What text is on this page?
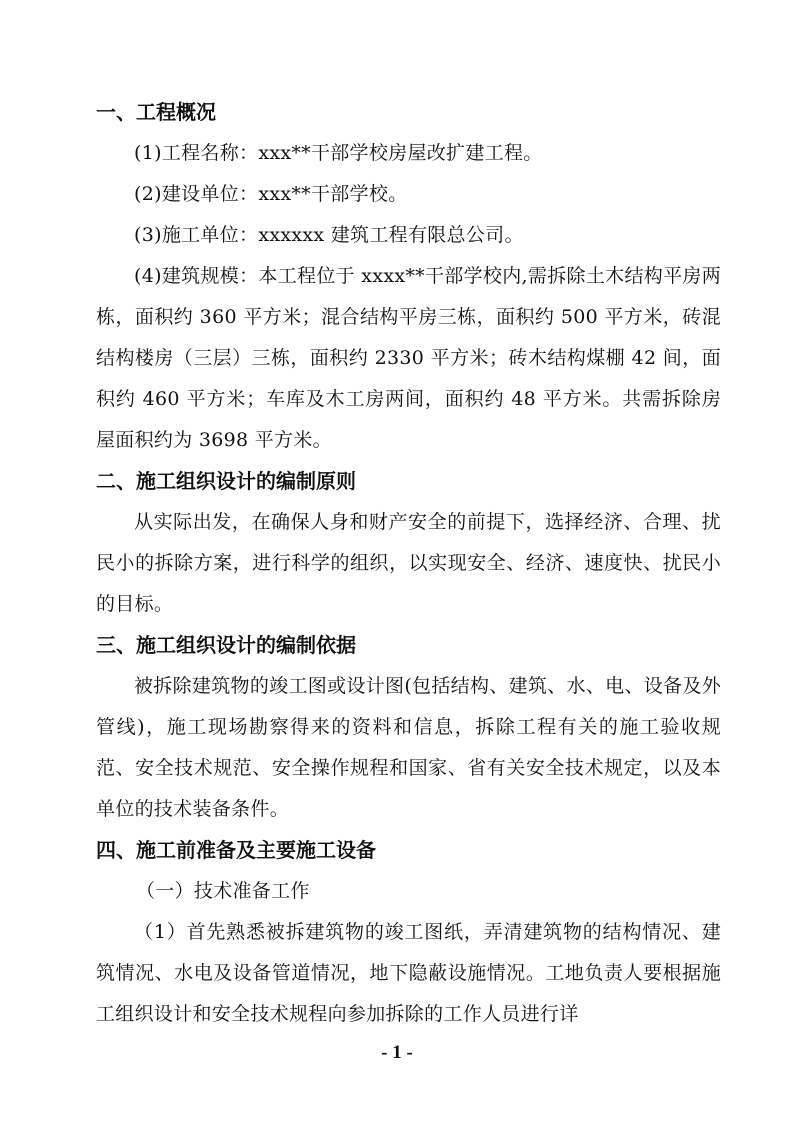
一、工程概况

(1)工程名称：xxx**干部学校房屋改扩建工程。

(2)建设单位：xxx**干部学校。

(3)施工单位：xxxxxx 建筑工程有限总公司。

(4)建筑规模：本工程位于 xxxx**干部学校内,需拆除土木结构平房两栋，面积约 360 平方米；混合结构平房三栋，面积约 500 平方米，砖混结构楼房（三层）三栋，面积约 2330 平方米；砖木结构煤棚 42 间，面积约 460 平方米；车库及木工房两间，面积约 48 平方米。共需拆除房屋面积约为 3698 平方米。

二、施工组织设计的编制原则

从实际出发，在确保人身和财产安全的前提下，选择经济、合理、扰民小的拆除方案，进行科学的组织，以实现安全、经济、速度快、扰民小的目标。

三、施工组织设计的编制依据

被拆除建筑物的竣工图或设计图(包括结构、建筑、水、电、设备及外管线)，施工现场勘察得来的资料和信息，拆除工程有关的施工验收规范、安全技术规范、安全操作规程和国家、省有关安全技术规定，以及本单位的技术装备条件。

四、施工前准备及主要施工设备

（一）技术准备工作

（1）首先熟悉被拆建筑物的竣工图纸，弄清建筑物的结构情况、建筑情况、水电及设备管道情况，地下隐蔽设施情况。工地负责人要根据施工组织设计和安全技术规程向参加拆除的工作人员进行详

- 1 -
